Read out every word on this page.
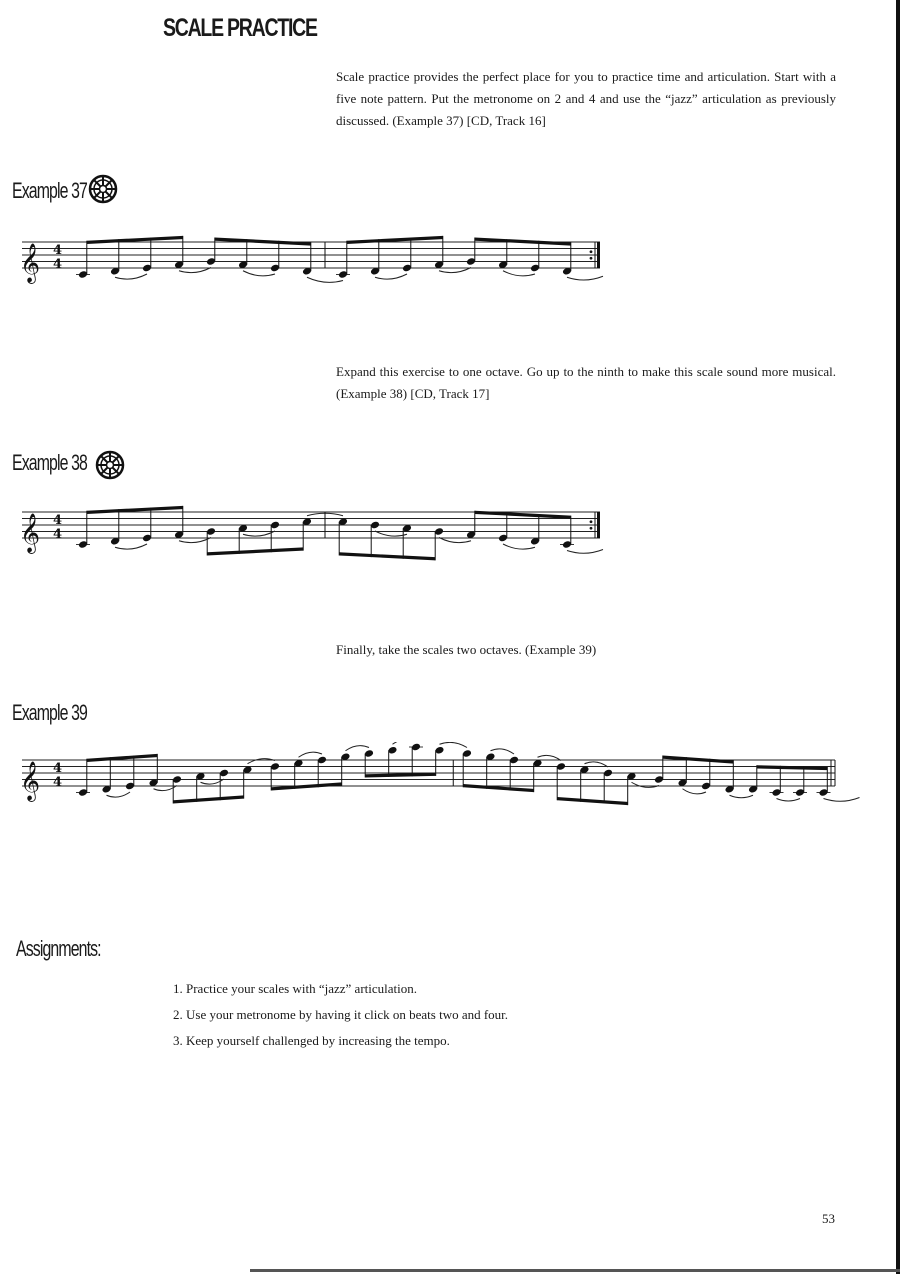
SCALE PRACTICE

Scale practice provides the perfect place for you to practice time and articulation. Start with a five note pattern. Put the metronome on 2 and 4 and use the “jazz” articulation as previously discussed. (Example 37) [CD, Track 16]

Example 37
𝄞 4
4

Expand this exercise to one octave. Go up to the ninth to make this scale sound more musical. (Example 38) [CD, Track 17]

Example 38
𝄞 4
4

Finally, take the scales two octaves. (Example 39)

Example 39
𝄞 4
4
Assignments:
1. Practice your scales with “jazz” articulation.
2. Use your metronome by having it click on beats two and four.
3. Keep yourself challenged by increasing the tempo.
53
